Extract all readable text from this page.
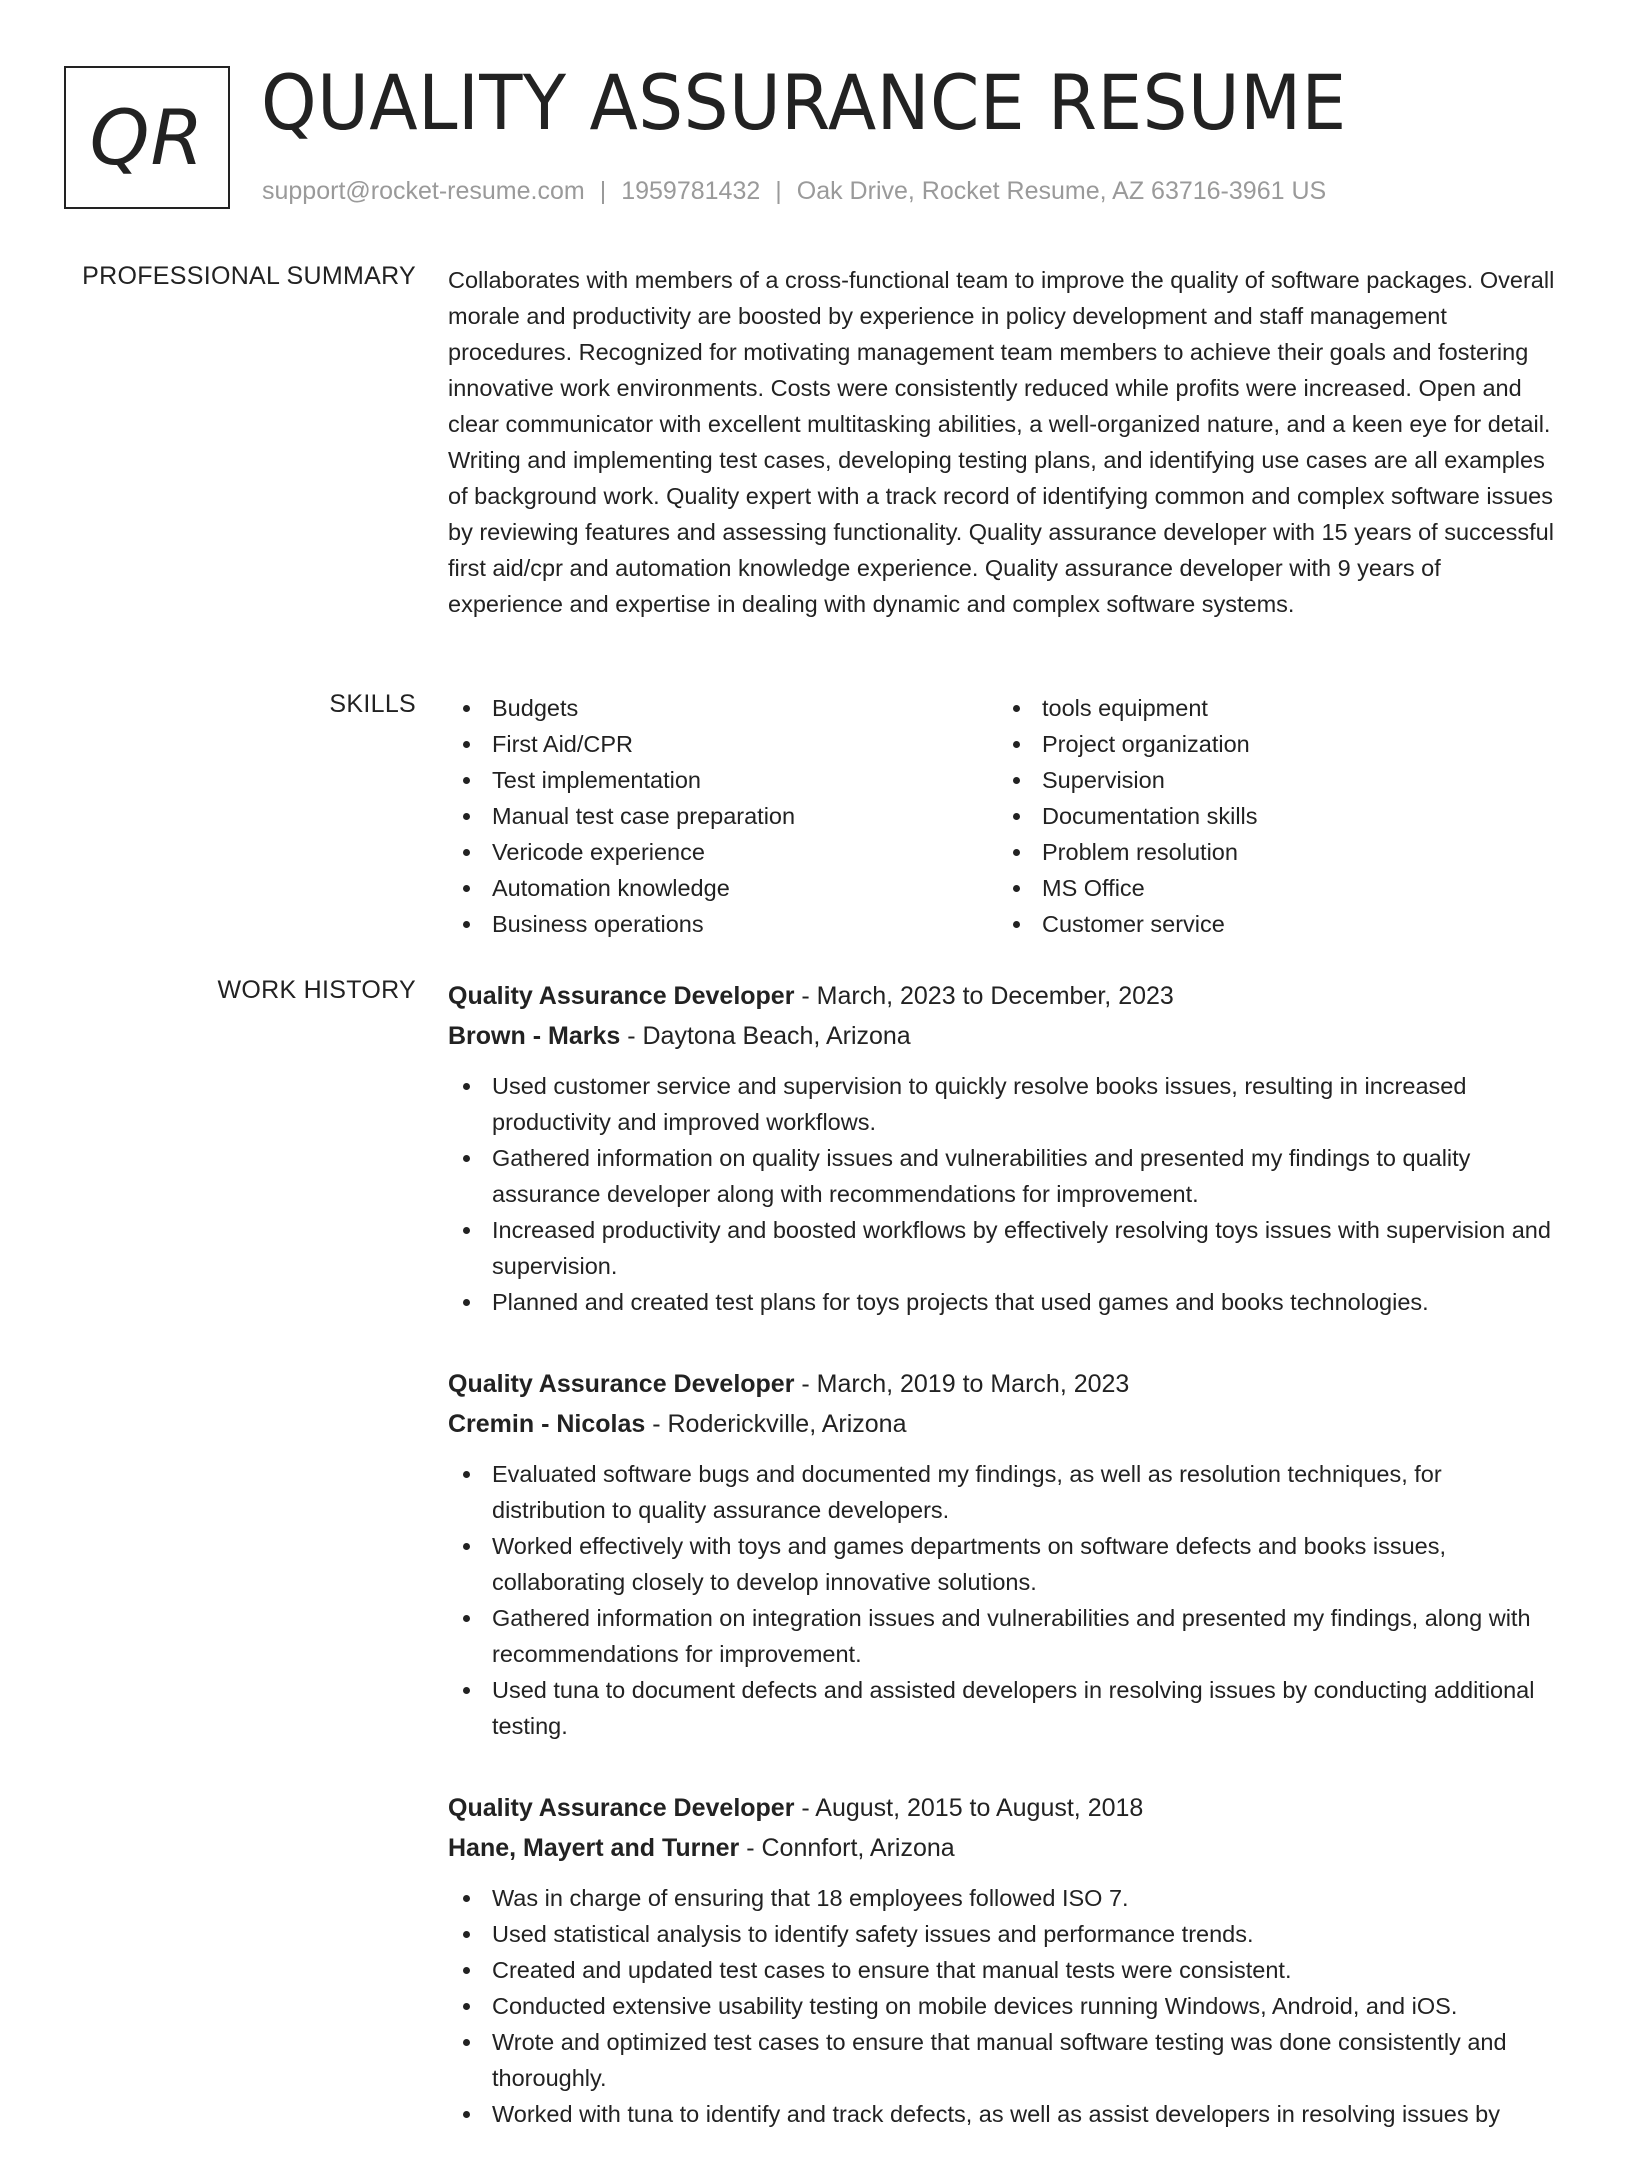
QR QUALITY ASSURANCE RESUME
support@rocket-resume.com | 1959781432 | Oak Drive, Rocket Resume, AZ 63716-3961 US
PROFESSIONAL SUMMARY Collaborates with members of a cross-functional team to improve the quality of software packages. Overall morale and productivity are boosted by experience in policy development and staff management procedures. Recognized for motivating management team members to achieve their goals and fostering innovative work environments. Costs were consistently reduced while profits were increased. Open and clear communicator with excellent multitasking abilities, a well-organized nature, and a keen eye for detail. Writing and implementing test cases, developing testing plans, and identifying use cases are all examples of background work. Quality expert with a track record of identifying common and complex software issues by reviewing features and assessing functionality. Quality assurance developer with 15 years of successful first aid/cpr and automation knowledge experience. Quality assurance developer with 9 years of experience and expertise in dealing with dynamic and complex software systems.
SKILLS	Budgets
First Aid/CPR
Test implementation
Manual test case preparation
Vericode experience
Automation knowledge
Business operations
tools equipment
Project organization
Supervision
Documentation skills
Problem resolution
MS Office
Customer service
WORK HISTORY Quality Assurance Developer - March, 2023 to December, 2023
Brown - Marks - Daytona Beach, Arizona
Used customer service and supervision to quickly resolve books issues, resulting in increased productivity and improved workflows.
Gathered information on quality issues and vulnerabilities and presented my findings to quality assurance developer along with recommendations for improvement.
Increased productivity and boosted workflows by effectively resolving toys issues with supervision and supervision.
Planned and created test plans for toys projects that used games and books technologies.
Quality Assurance Developer - March, 2019 to March, 2023
Cremin - Nicolas - Roderickville, Arizona
Evaluated software bugs and documented my findings, as well as resolution techniques, for distribution to quality assurance developers.
Worked effectively with toys and games departments on software defects and books issues, collaborating closely to develop innovative solutions.
Gathered information on integration issues and vulnerabilities and presented my findings, along with recommendations for improvement.
Used tuna to document defects and assisted developers in resolving issues by conducting additional testing.
Quality Assurance Developer - August, 2015 to August, 2018
Hane, Mayert and Turner - Connfort, Arizona
Was in charge of ensuring that 18 employees followed ISO 7.
Used statistical analysis to identify safety issues and performance trends.
Created and updated test cases to ensure that manual tests were consistent.
Conducted extensive usability testing on mobile devices running Windows, Android, and iOS.
Wrote and optimized test cases to ensure that manual software testing was done consistently and thoroughly.
Worked with tuna to identify and track defects, as well as assist developers in resolving issues by
